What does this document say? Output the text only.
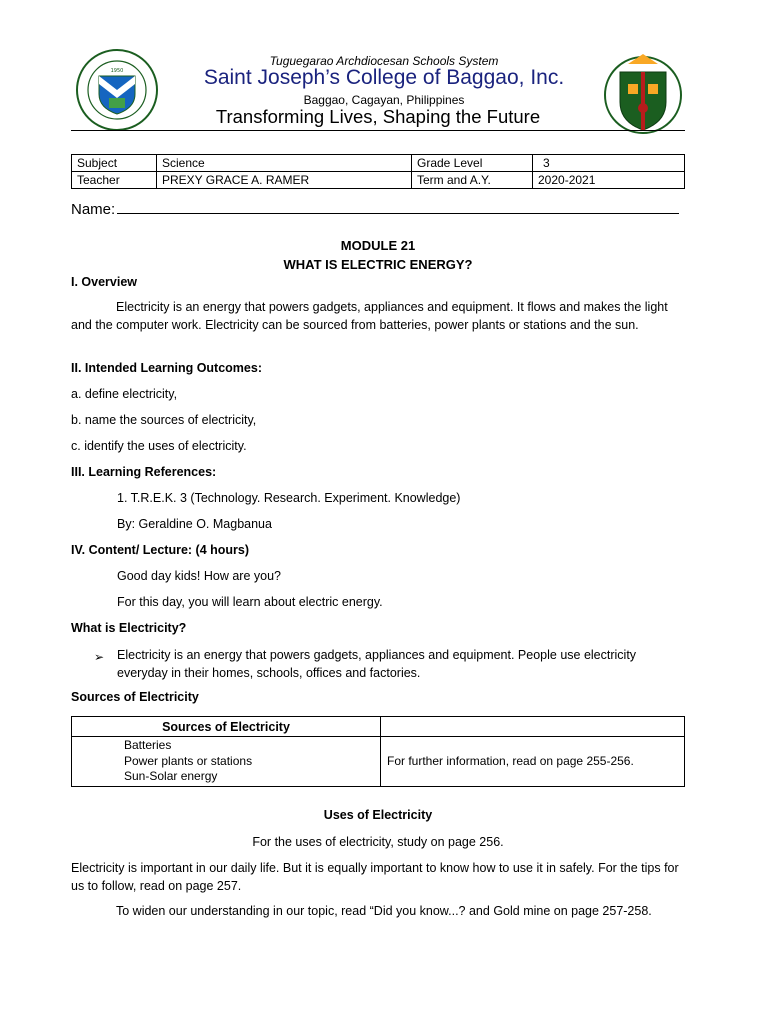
1950
Tuguegarao Archdiocesan Schools System
Saint Joseph’s College of Baggao, Inc.
Baggao, Cagayan, Philippines
Transforming Lives, Shaping the Future
Subject	Science	Grade Level	3
Teacher	PREXY GRACE A. RAMER	Term and A.Y.	2020-2021
Name:
MODULE 21
WHAT IS ELECTRIC ENERGY?
I. Overview
Electricity is an energy that powers gadgets, appliances and equipment. It flows and makes the light and the computer work. Electricity can be sourced from batteries, power plants or stations and the sun.
II. Intended Learning Outcomes:
a. define electricity,
b. name the sources of electricity,
c. identify the uses of electricity.
III. Learning References:
1. T.R.E.K. 3 (Technology. Research. Experiment. Knowledge)
By: Geraldine O. Magbanua
IV. Content/ Lecture: (4 hours)
Good day kids! How are you?
For this day, you will learn about electric energy.
What is Electricity?
➢ Electricity is an energy that powers gadgets, appliances and equipment. People use electricity everyday in their homes, schools, offices and factories.
Sources of Electricity
Sources of Electricity	

Batteries
Power plants or stations
Sun-Solar energy	For further information, read on page 255-256.
Uses of Electricity
For the uses of electricity, study on page 256.
Electricity is important in our daily life. But it is equally important to know how to use it in safely. For the tips for us to follow, read on page 257.
To widen our understanding in our topic, read “Did you know...? and Gold mine on page 257-258.
